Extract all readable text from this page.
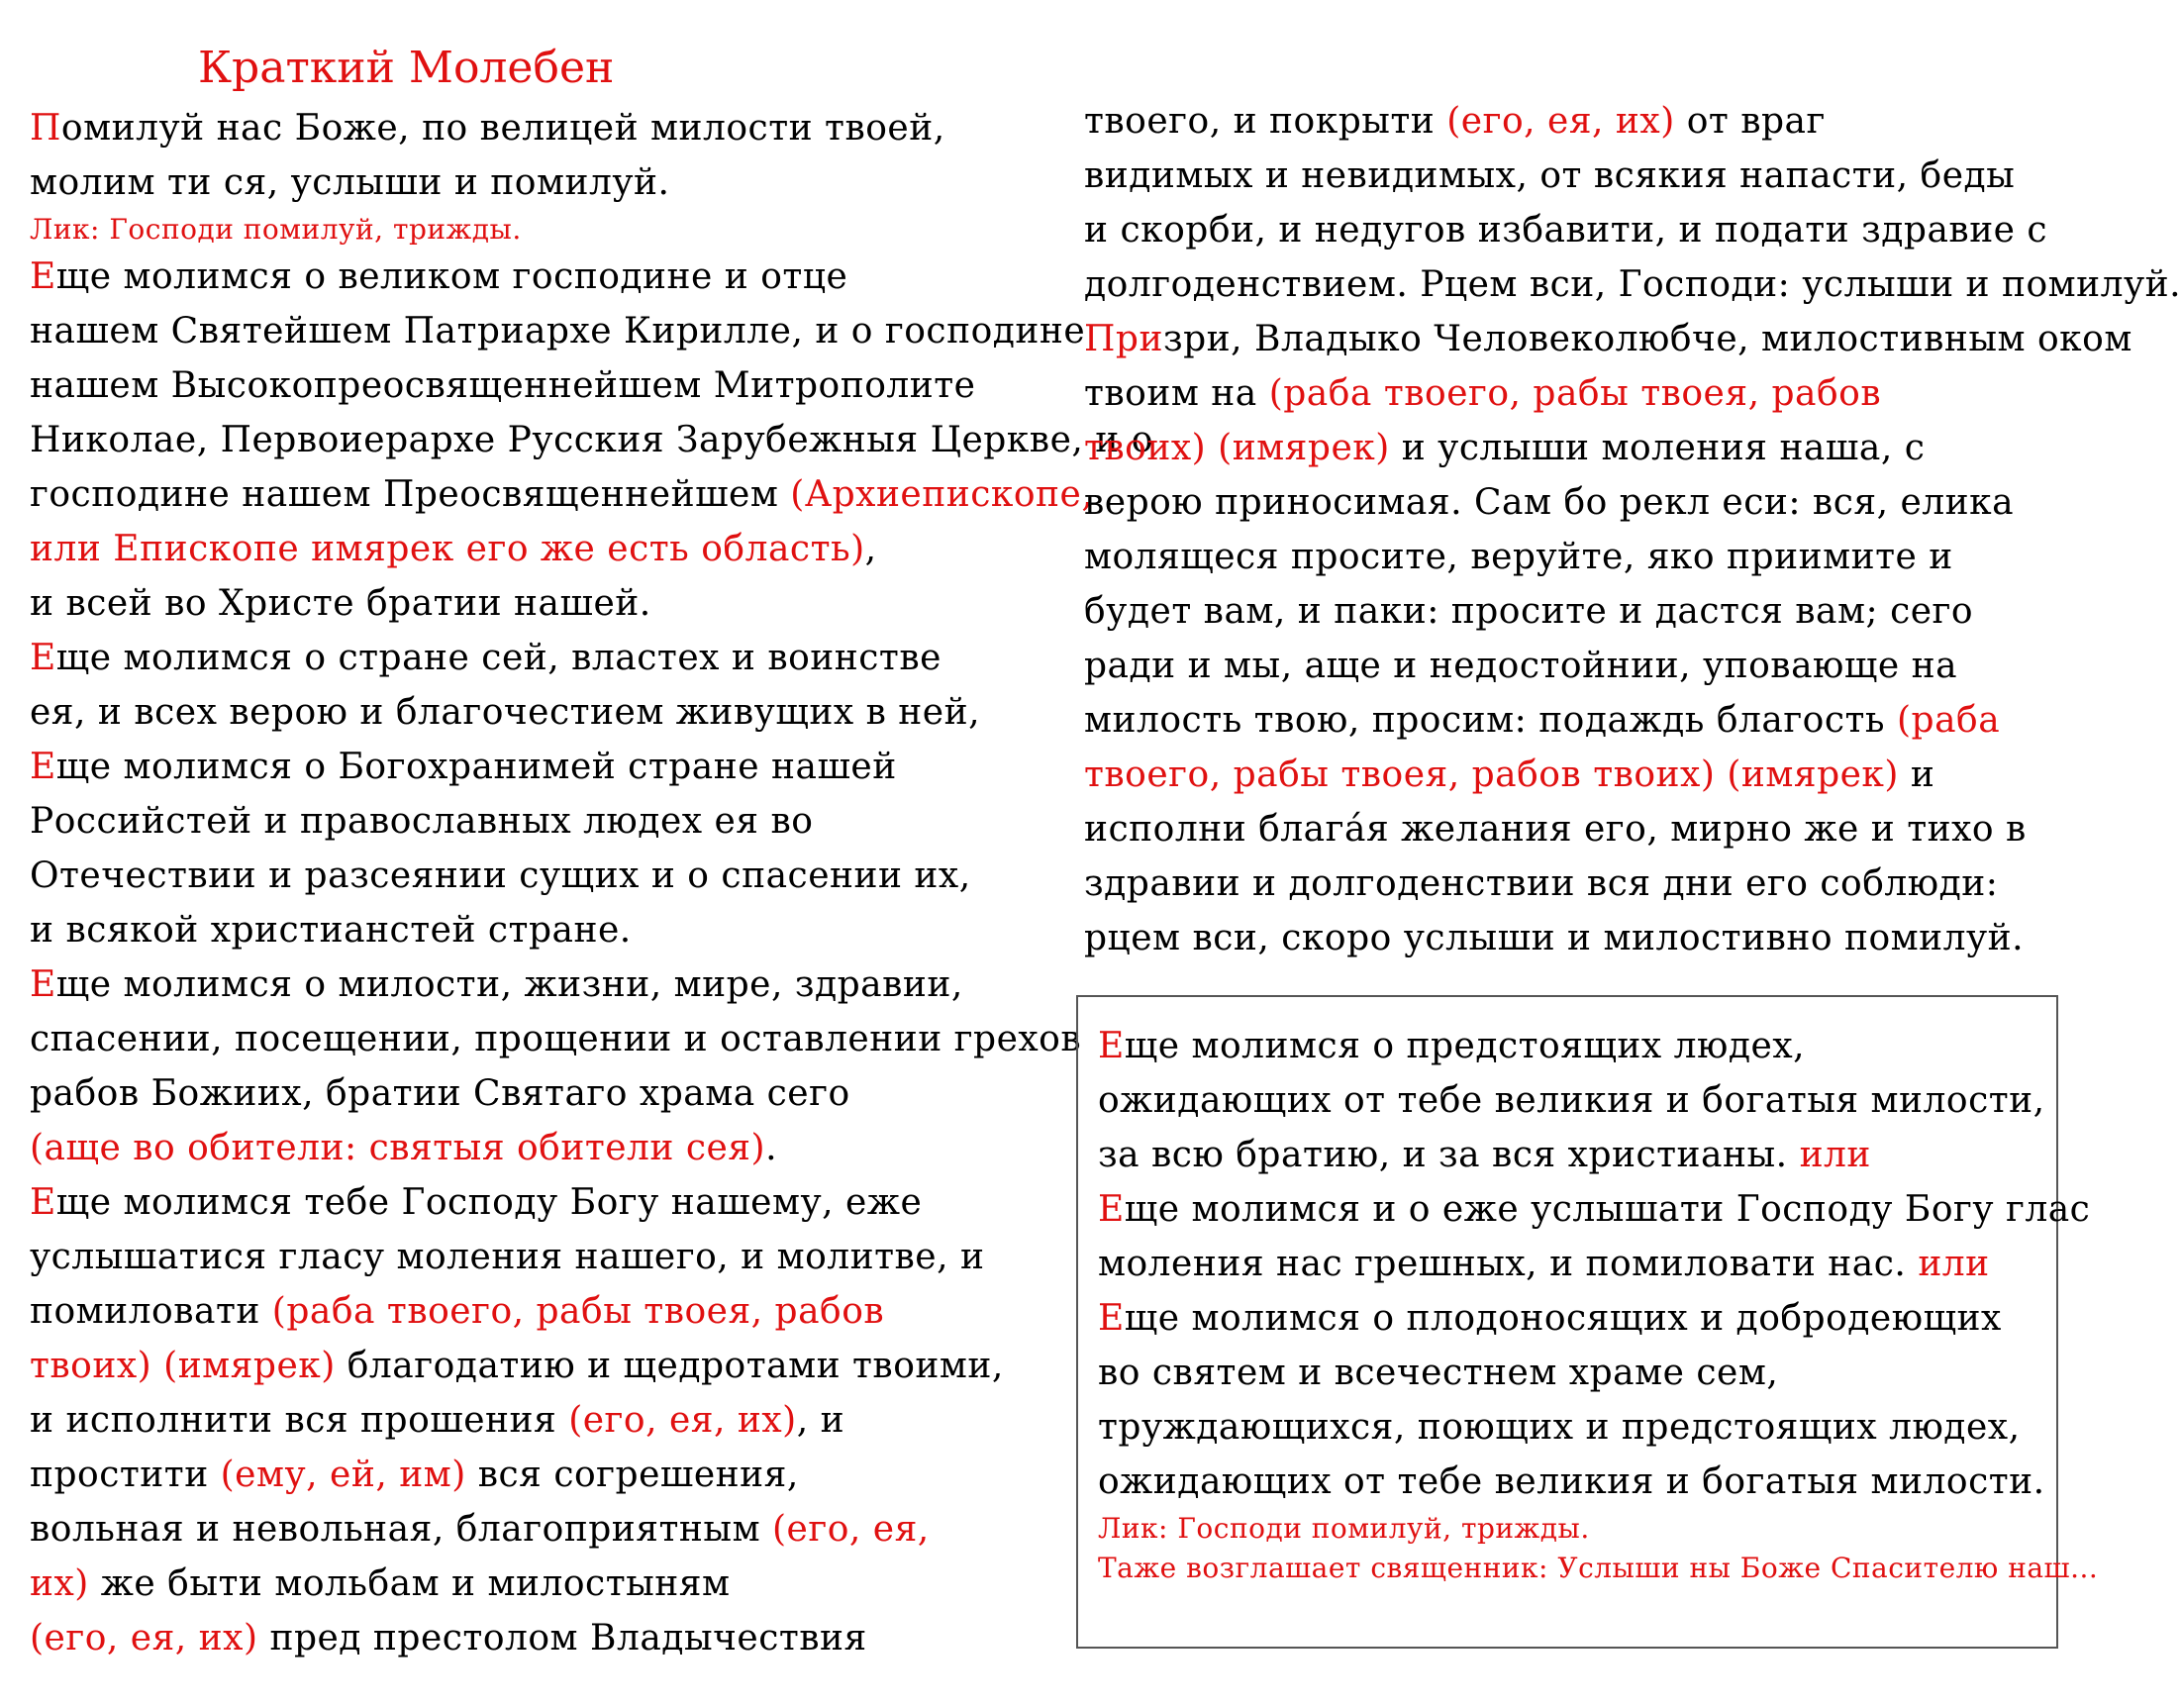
Краткий Молебен
Помилуй нас Боже, по велицей милости твоей,
молим ти ся, услыши и помилуй.
Лик: Господи помилуй, трижды.
Еще молимся о великом господине и отце
нашем Святейшем Патриархе Кирилле, и о господине
нашем Высокопреосвященнейшем Митрополите
Николае, Первоиерархе Русския Зарубежныя Церкве, и о
господине нашем Преосвященнейшем (Архиепископе,
или Епископе имярек его же есть область),
и всей во Христе братии нашей.
Еще молимся о стране сей, властех и воинстве
ея, и всех верою и благочестием живущих в ней,
Еще молимся о Богохранимей стране нашей
Российстей и православных людех ея во
Отечествии и разсеянии сущих и о спасении их,
и всякой христианстей стране.
Еще молимся о милости, жизни, мире, здравии,
спасении, посещении, прощении и оставлении грехов
рабов Божиих, братии Святаго храма сего
(аще во обители: святыя обители сея).
Еще молимся тебе Господу Богу нашему, еже
услышатися гласу моления нашего, и молитве, и
помиловати (раба твоего, рабы твоея, рабов
твоих) (имярек) благодатию и щедротами твоими,
и исполнити вся прошения (его, ея, их), и
простити (ему, ей, им) вся согрешения,
вольная и невольная, благоприятным (его, ея,
их) же быти мольбам и милостыням
(его, ея, их) пред престолом Владычествия
твоего, и покрыти (его, ея, их) от враг
видимых и невидимых, от всякия напасти, беды
и скорби, и недугов избавити, и подати здравие с
долгоденствием. Рцем вси, Господи: услыши и помилуй.
Призри, Владыко Человеколюбче, милостивным оком
твоим на (раба твоего, рабы твоея, рабов
твоих) (имярек) и услыши моления наша, с
верою приносимая. Сам бо рекл еси: вся, елика
молящеся просите, веруйте, яко приимите и
будет вам, и паки: просите и дастся вам; сего
ради и мы, аще и недостойнии, уповающе на
милость твою, просим: подаждь благость (раба
твоего, рабы твоея, рабов твоих) (имярек) и
исполни блага́я желания его, мирно же и тихо в
здравии и долгоденствии вся дни его соблюди:
рцем вси, скоро услыши и милостивно помилуй.
Еще молимся о предстоящих людех,
ожидающих от тебе великия и богатыя милости,
за всю братию, и за вся христианы. или
Еще молимся и о еже услышати Господу Богу глас
моления нас грешных, и помиловати нас. или
Еще молимся о плодоносящих и добродеющих
во святем и всечестнем храме сем,
труждающихся, поющих и предстоящих людех,
ожидающих от тебе великия и богатыя милости.
Лик: Господи помилуй, трижды.
Таже возглашает священник: Услыши ны Боже Спасителю наш...
